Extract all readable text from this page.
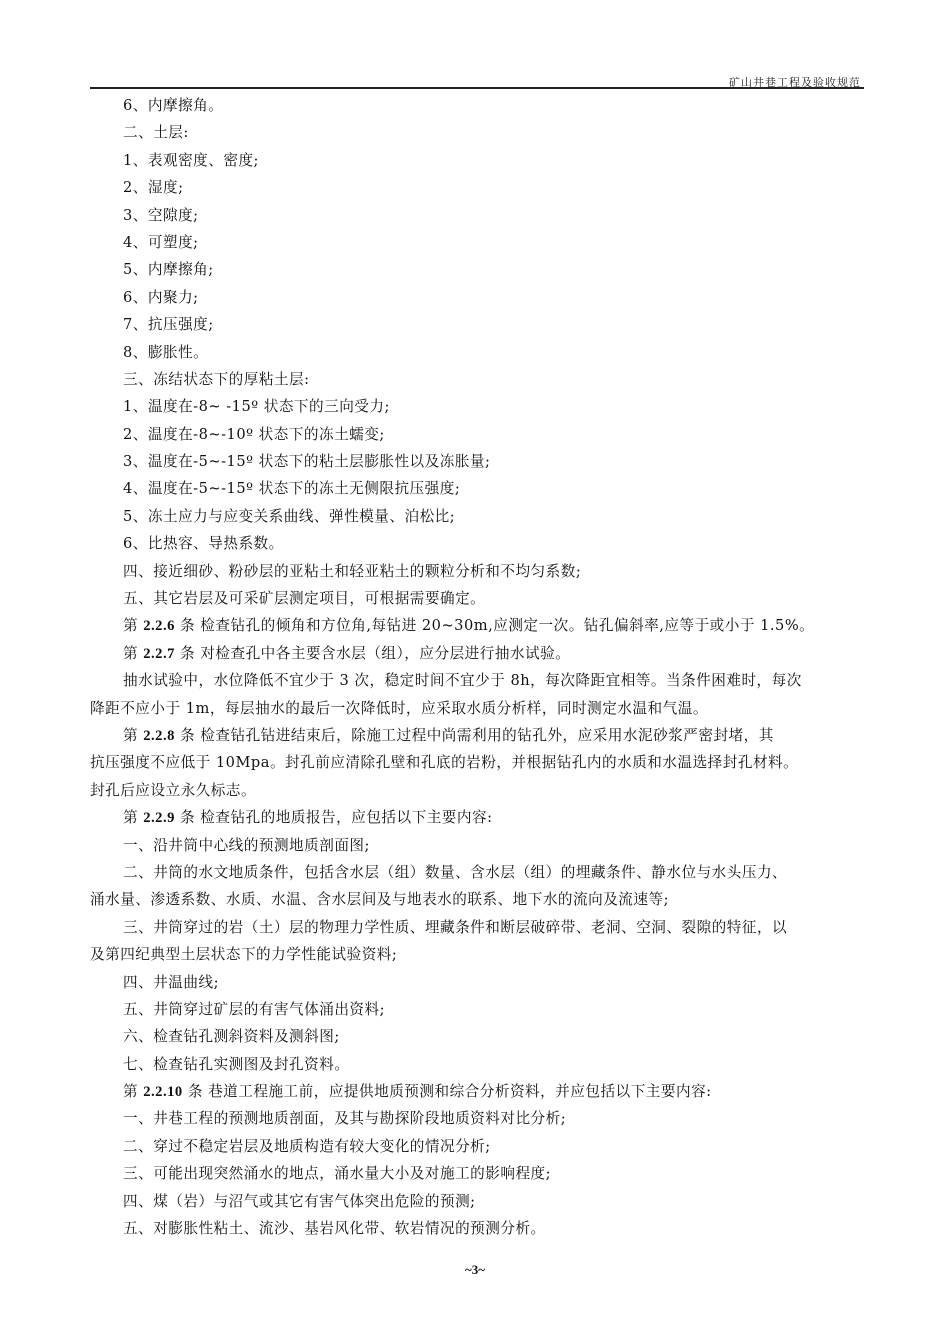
矿山井巷工程及验收规范
6、内摩擦角。
二、土层:
1、表观密度、密度;
2、湿度;
3、空隙度;
4、可塑度;
5、内摩擦角;
6、内聚力;
7、抗压强度;
8、膨胀性。
三、冻结状态下的厚粘土层:
1、温度在-8~ -15º 状态下的三向受力;
2、温度在-8~-10º 状态下的冻土蠕变;
3、温度在-5~-15º 状态下的粘土层膨胀性以及冻胀量;
4、温度在-5~-15º 状态下的冻土无侧限抗压强度;
5、冻土应力与应变关系曲线、弹性模量、泊松比;
6、比热容、导热系数。
四、接近细砂、粉砂层的亚粘土和轻亚粘土的颗粒分析和不均匀系数;
五、其它岩层及可采矿层测定项目，可根据需要确定。
第 2.2.6 条 检查钻孔的倾角和方位角,每钻进 20~30m,应测定一次。钻孔偏斜率,应等于或小于 1.5%。
第 2.2.7 条 对检查孔中各主要含水层（组），应分层进行抽水试验。
抽水试验中，水位降低不宜少于 3 次，稳定时间不宜少于 8h，每次降距宜相等。当条件困难时，每次
降距不应小于 1m，每层抽水的最后一次降低时，应采取水质分析样，同时测定水温和气温。
第 2.2.8 条 检查钻孔钻进结束后，除施工过程中尚需利用的钻孔外，应采用水泥砂浆严密封堵，其
抗压强度不应低于 10Mpa。封孔前应清除孔壁和孔底的岩粉，并根据钻孔内的水质和水温选择封孔材料。
封孔后应设立永久标志。
第 2.2.9 条 检查钻孔的地质报告，应包括以下主要内容:
一、沿井筒中心线的预测地质剖面图;
二、井筒的水文地质条件，包括含水层（组）数量、含水层（组）的埋藏条件、静水位与水头压力、
涌水量、渗透系数、水质、水温、含水层间及与地表水的联系、地下水的流向及流速等;
三、井筒穿过的岩（土）层的物理力学性质、埋藏条件和断层破碎带、老洞、空洞、裂隙的特征，以
及第四纪典型土层状态下的力学性能试验资料;
四、井温曲线;
五、井筒穿过矿层的有害气体涌出资料;
六、检查钻孔测斜资料及测斜图;
七、检查钻孔实测图及封孔资料。
第 2.2.10 条 巷道工程施工前，应提供地质预测和综合分析资料，并应包括以下主要内容:
一、井巷工程的预测地质剖面，及其与勘探阶段地质资料对比分析;
二、穿过不稳定岩层及地质构造有较大变化的情况分析;
三、可能出现突然涌水的地点，涌水量大小及对施工的影响程度;
四、煤（岩）与沼气或其它有害气体突出危险的预测;
五、对膨胀性粘土、流沙、基岩风化带、软岩情况的预测分析。
~3~
